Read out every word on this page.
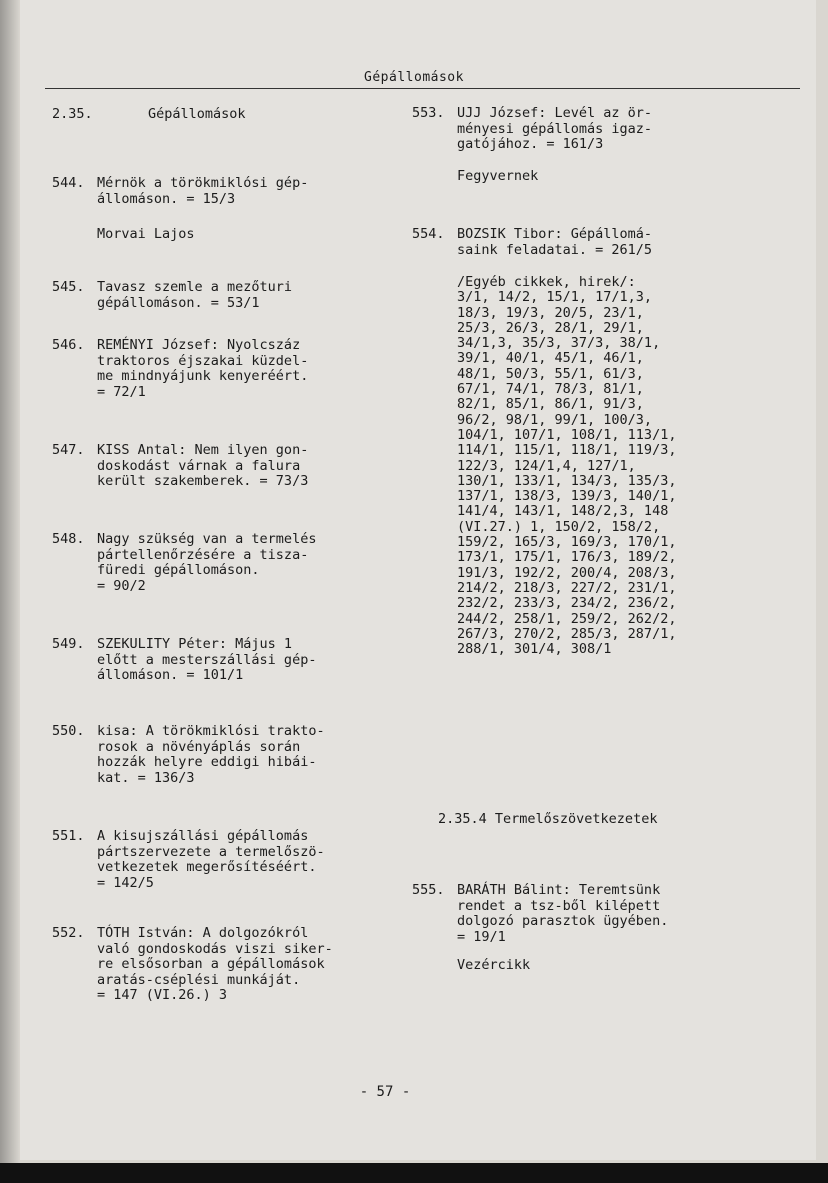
Gépállomások
2.35.	Gépállomások
544. Mérnök a törökmiklósi gép-
állomáson. = 15/3
Morvai Lajos
545. Tavasz szemle a mezőturi
gépállomáson. = 53/1
546. REMÉNYI József: Nyolcszáz
traktoros éjszakai küzdel-
me mindnyájunk kenyeréért.
= 72/1
547. KISS Antal: Nem ilyen gon-
doskodást várnak a falura
került szakemberek. = 73/3
548. Nagy szükség van a termelés
pártellenőrzésére a tisza-
füredi gépállomáson.
= 90/2
549. SZEKULITY Péter: Május 1
előtt a mesterszállási gép-
állomáson. = 101/1
550. kisa: A törökmiklósi trakto-
rosok a növényáplás során
hozzák helyre eddigi hibái-
kat. = 136/3
551. A kisujszállási gépállomás
pártszervezete a termelőszö-
vetkezetek megerősítéséért.
= 142/5
552. TÓTH István: A dolgozókról
való gondoskodás viszi siker-
re elsősorban a gépállomások
aratás-cséplési munkáját.
= 147 (VI.26.) 3
553. UJJ József: Levél az ör-
ményesi gépállomás igaz-
gatójához. = 161/3
Fegyvernek
554. BOZSIK Tibor: Gépállomá-
saink feladatai. = 261/5
/Egyéb cikkek, hirek/:
3/1, 14/2, 15/1, 17/1,3,
18/3, 19/3, 20/5, 23/1,
25/3, 26/3, 28/1, 29/1,
34/1,3, 35/3, 37/3, 38/1,
39/1, 40/1, 45/1, 46/1,
48/1, 50/3, 55/1, 61/3,
67/1, 74/1, 78/3, 81/1,
82/1, 85/1, 86/1, 91/3,
96/2, 98/1, 99/1, 100/3,
104/1, 107/1, 108/1, 113/1,
114/1, 115/1, 118/1, 119/3,
122/3, 124/1,4, 127/1,
130/1, 133/1, 134/3, 135/3,
137/1, 138/3, 139/3, 140/1,
141/4, 143/1, 148/2,3, 148
(VI.27.) 1, 150/2, 158/2,
159/2, 165/3, 169/3, 170/1,
173/1, 175/1, 176/3, 189/2,
191/3, 192/2, 200/4, 208/3,
214/2, 218/3, 227/2, 231/1,
232/2, 233/3, 234/2, 236/2,
244/2, 258/1, 259/2, 262/2,
267/3, 270/2, 285/3, 287/1,
288/1, 301/4, 308/1
2.35.4 Termelőszövetkezetek
555. BARÁTH Bálint: Teremtsünk
rendet a tsz-ből kilépett
dolgozó parasztok ügyében.
= 19/1
Vezércikk
- 57 -
